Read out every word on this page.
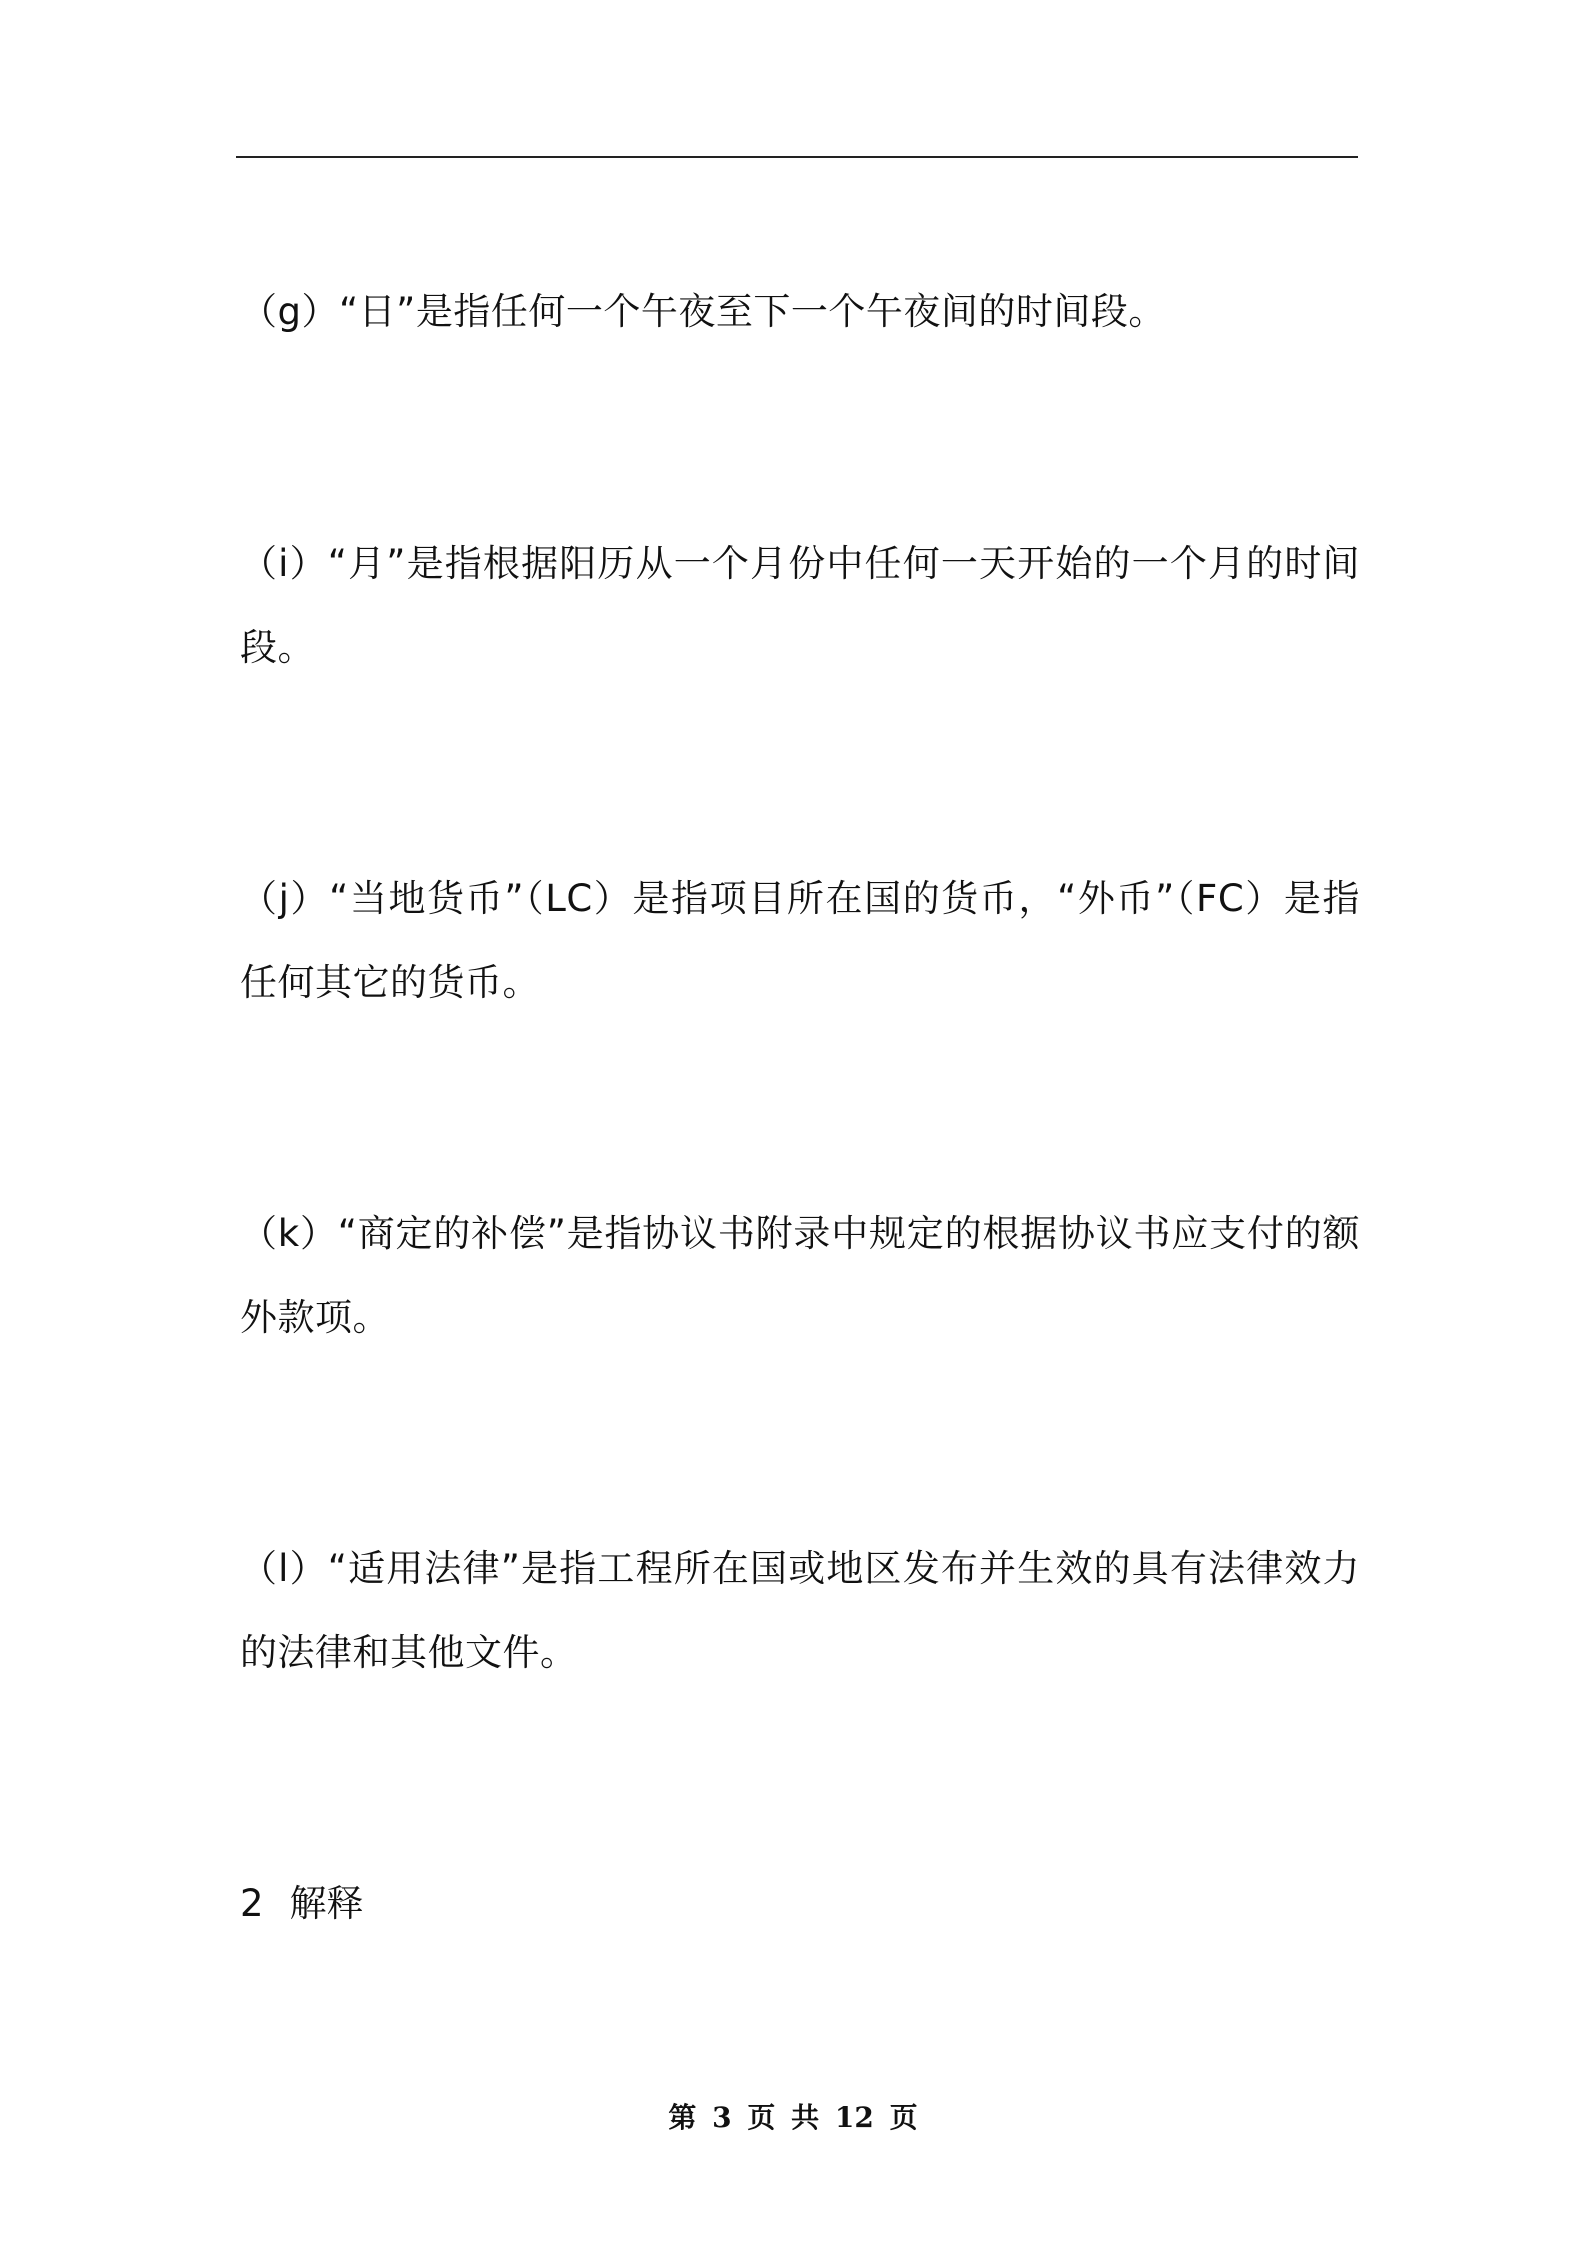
（g）“日”是指任何一个午夜至下一个午夜间的时间段。

（i）“月”是指根据阳历从一个月份中任何一天开始的一个月的时间段。

（j）“当地货币”（LC）是指项目所在国的货币，“外币”（FC）是指任何其它的货币。

（k）“商定的补偿”是指协议书附录中规定的根据协议书应支付的额外款项。

（l）“适用法律”是指工程所在国或地区发布并生效的具有法律效力的法律和其他文件。

2 解释
第 3 页 共 12 页
